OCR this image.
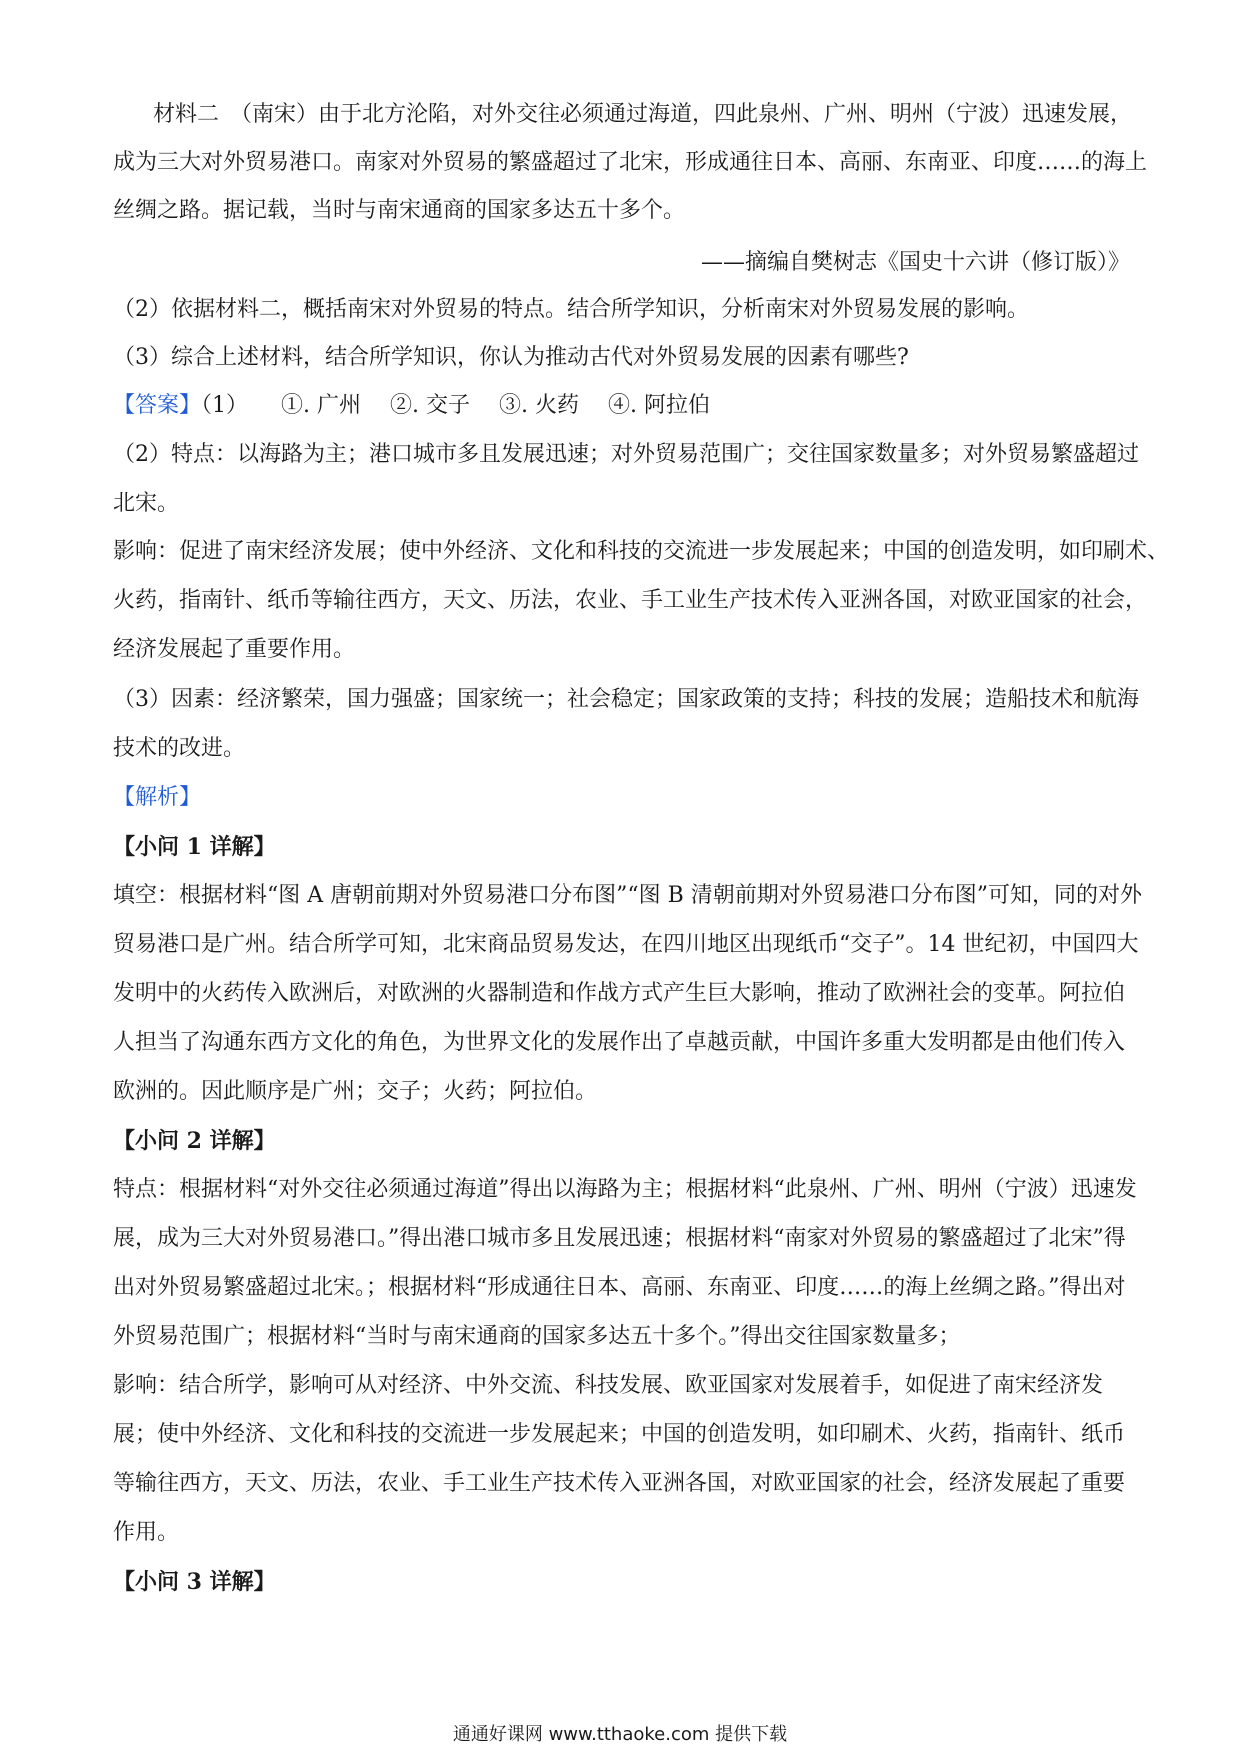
材料二　（南宋）由于北方沦陷，对外交往必须通过海道，四此泉州、广州、明州（宁波）迅速发展，
成为三大对外贸易港口。南家对外贸易的繁盛超过了北宋，形成通往日本、高丽、东南亚、印度……的海上
丝绸之路。据记载，当时与南宋通商的国家多达五十多个。
——摘编自樊树志《国史十六讲（修订版）》
（2）依据材料二，概括南宋对外贸易的特点。结合所学知识，分析南宋对外贸易发展的影响。
（3）综合上述材料，结合所学知识，你认为推动古代对外贸易发展的因素有哪些?
【答案】（1）　　①. 广州　 ②. 交子　 ③. 火药　 ④. 阿拉伯
（2）特点：以海路为主；港口城市多且发展迅速；对外贸易范围广；交往国家数量多；对外贸易繁盛超过
北宋。
影响：促进了南宋经济发展；使中外经济、文化和科技的交流进一步发展起来；中国的创造发明，如印刷术、
火药，指南针、纸币等输往西方，天文、历法，农业、手工业生产技术传入亚洲各国，对欧亚国家的社会，
经济发展起了重要作用。
（3）因素：经济繁荣，国力强盛；国家统一；社会稳定；国家政策的支持；科技的发展；造船技术和航海
技术的改进。
【解析】
【小问 1 详解】
填空：根据材料“图 A 唐朝前期对外贸易港口分布图”“图 B 清朝前期对外贸易港口分布图”可知，同的对外
贸易港口是广州。结合所学可知，北宋商品贸易发达，在四川地区出现纸币“交子”。14 世纪初，中国四大
发明中的火药传入欧洲后，对欧洲的火器制造和作战方式产生巨大影响，推动了欧洲社会的变革。阿拉伯
人担当了沟通东西方文化的角色，为世界文化的发展作出了卓越贡献，中国许多重大发明都是由他们传入
欧洲的。因此顺序是广州；交子；火药；阿拉伯。
【小问 2 详解】
特点：根据材料“对外交往必须通过海道”得出以海路为主；根据材料“此泉州、广州、明州（宁波）迅速发
展，成为三大对外贸易港口。”得出港口城市多且发展迅速；根据材料“南家对外贸易的繁盛超过了北宋”得
出对外贸易繁盛超过北宋。；根据材料“形成通往日本、高丽、东南亚、印度……的海上丝绸之路。”得出对
外贸易范围广；根据材料“当时与南宋通商的国家多达五十多个。”得出交往国家数量多；
影响：结合所学，影响可从对经济、中外交流、科技发展、欧亚国家对发展着手，如促进了南宋经济发
展；使中外经济、文化和科技的交流进一步发展起来；中国的创造发明，如印刷术、火药，指南针、纸币
等输往西方，天文、历法，农业、手工业生产技术传入亚洲各国，对欧亚国家的社会，经济发展起了重要
作用。
【小问 3 详解】
通通好课网 www.tthaoke.com 提供下载
